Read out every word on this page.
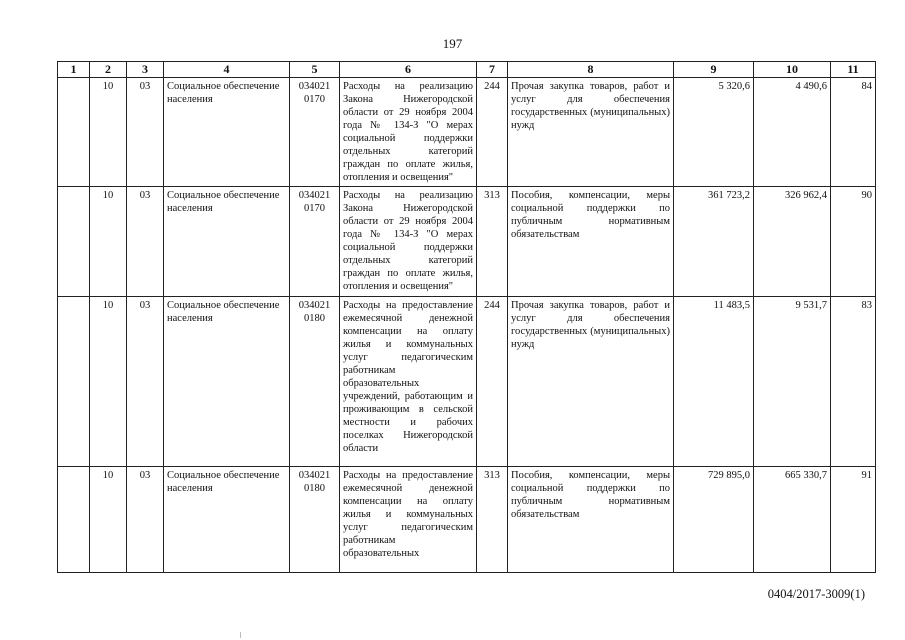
197
1	2	3	4	5	6	7	8	9	10	11
	10	03	Социальное обеспечение населения	034021 0170	Расходы на реализацию Закона Нижегородской области от 29 ноября 2004 года № 134-З "О мерах социальной поддержки отдельных категорий граждан по оплате жилья, отопления и освещения"	244	Прочая закупка товаров, работ и услуг для обеспечения государственных (муниципальных) нужд	5 320,6	4 490,6	84
	10	03	Социальное обеспечение населения	034021 0170	Расходы на реализацию Закона Нижегородской области от 29 ноября 2004 года № 134-З "О мерах социальной поддержки отдельных категорий граждан по оплате жилья, отопления и освещения"	313	Пособия, компенсации, меры социальной поддержки по публичным нормативным обязательствам	361 723,2	326 962,4	90
	10	03	Социальное обеспечение населения	034021 0180	Расходы на предоставление ежемесячной денежной компенсации на оплату жилья и коммунальных услуг педагогическим работникам образовательных учреждений, работающим и проживающим в сельской местности и рабочих поселках Нижегородской области	244	Прочая закупка товаров, работ и услуг для обеспечения государственных (муниципальных) нужд	11 483,5	9 531,7	83
	10	03	Социальное обеспечение населения	034021 0180	Расходы на предоставление ежемесячной денежной компенсации на оплату жилья и коммунальных услуг педагогическим работникам образовательных	313	Пособия, компенсации, меры социальной поддержки по публичным нормативным обязательствам	729 895,0	665 330,7	91
0404/2017-3009(1)
